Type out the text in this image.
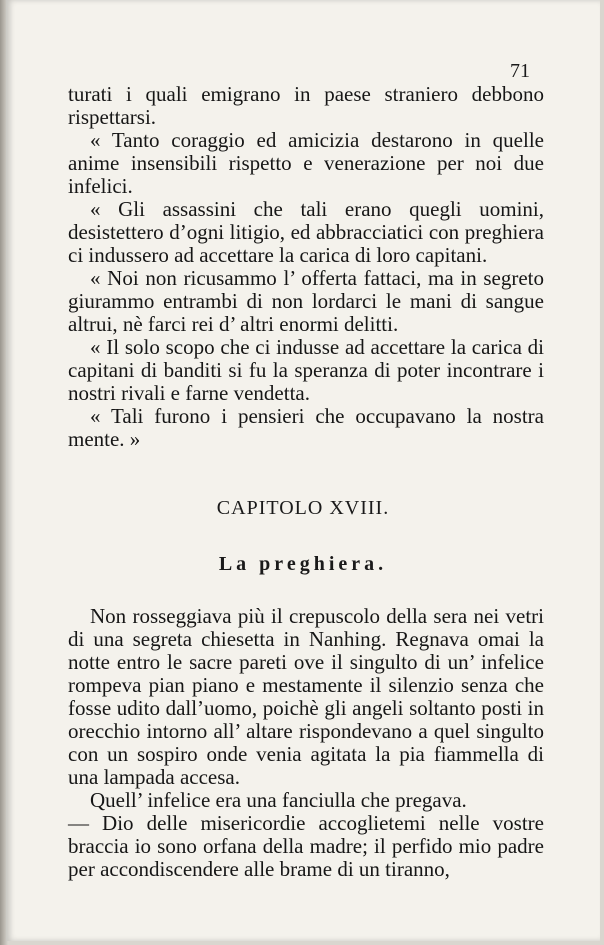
71

turati i quali emigrano in paese straniero debbono rispettarsi.

« Tanto coraggio ed amicizia destarono in quelle anime insensibili rispetto e venerazione per noi due infelici.

« Gli assassini che tali erano quegli uomini, desistettero d’ogni litigio, ed abbracciatici con preghiera ci indussero ad accettare la carica di loro capitani.

« Noi non ricusammo l’ offerta fattaci, ma in segreto giurammo entrambi di non lordarci le mani di sangue altrui, nè farci rei d’ altri enormi delitti.

« Il solo scopo che ci indusse ad accettare la carica di capitani di banditi si fu la speranza di poter incontrare i nostri rivali e farne vendetta.

« Tali furono i pensieri che occupavano la nostra mente. »

CAPITOLO XVIII.
La preghiera.

Non rosseggiava più il crepuscolo della sera nei vetri di una segreta chiesetta in Nanhing. Regnava omai la notte entro le sacre pareti ove il singulto di un’ infelice rompeva pian piano e mestamente il silenzio senza che fosse udito dall’uomo, poichè gli angeli soltanto posti in orecchio intorno all’ altare rispondevano a quel singulto con un sospiro onde venia agitata la pia fiammella di una lampada accesa.

Quell’ infelice era una fanciulla che pregava.

— Dio delle misericordie accoglietemi nelle vostre braccia io sono orfana della madre; il perfido mio padre per accondiscendere alle brame di un tiranno,
